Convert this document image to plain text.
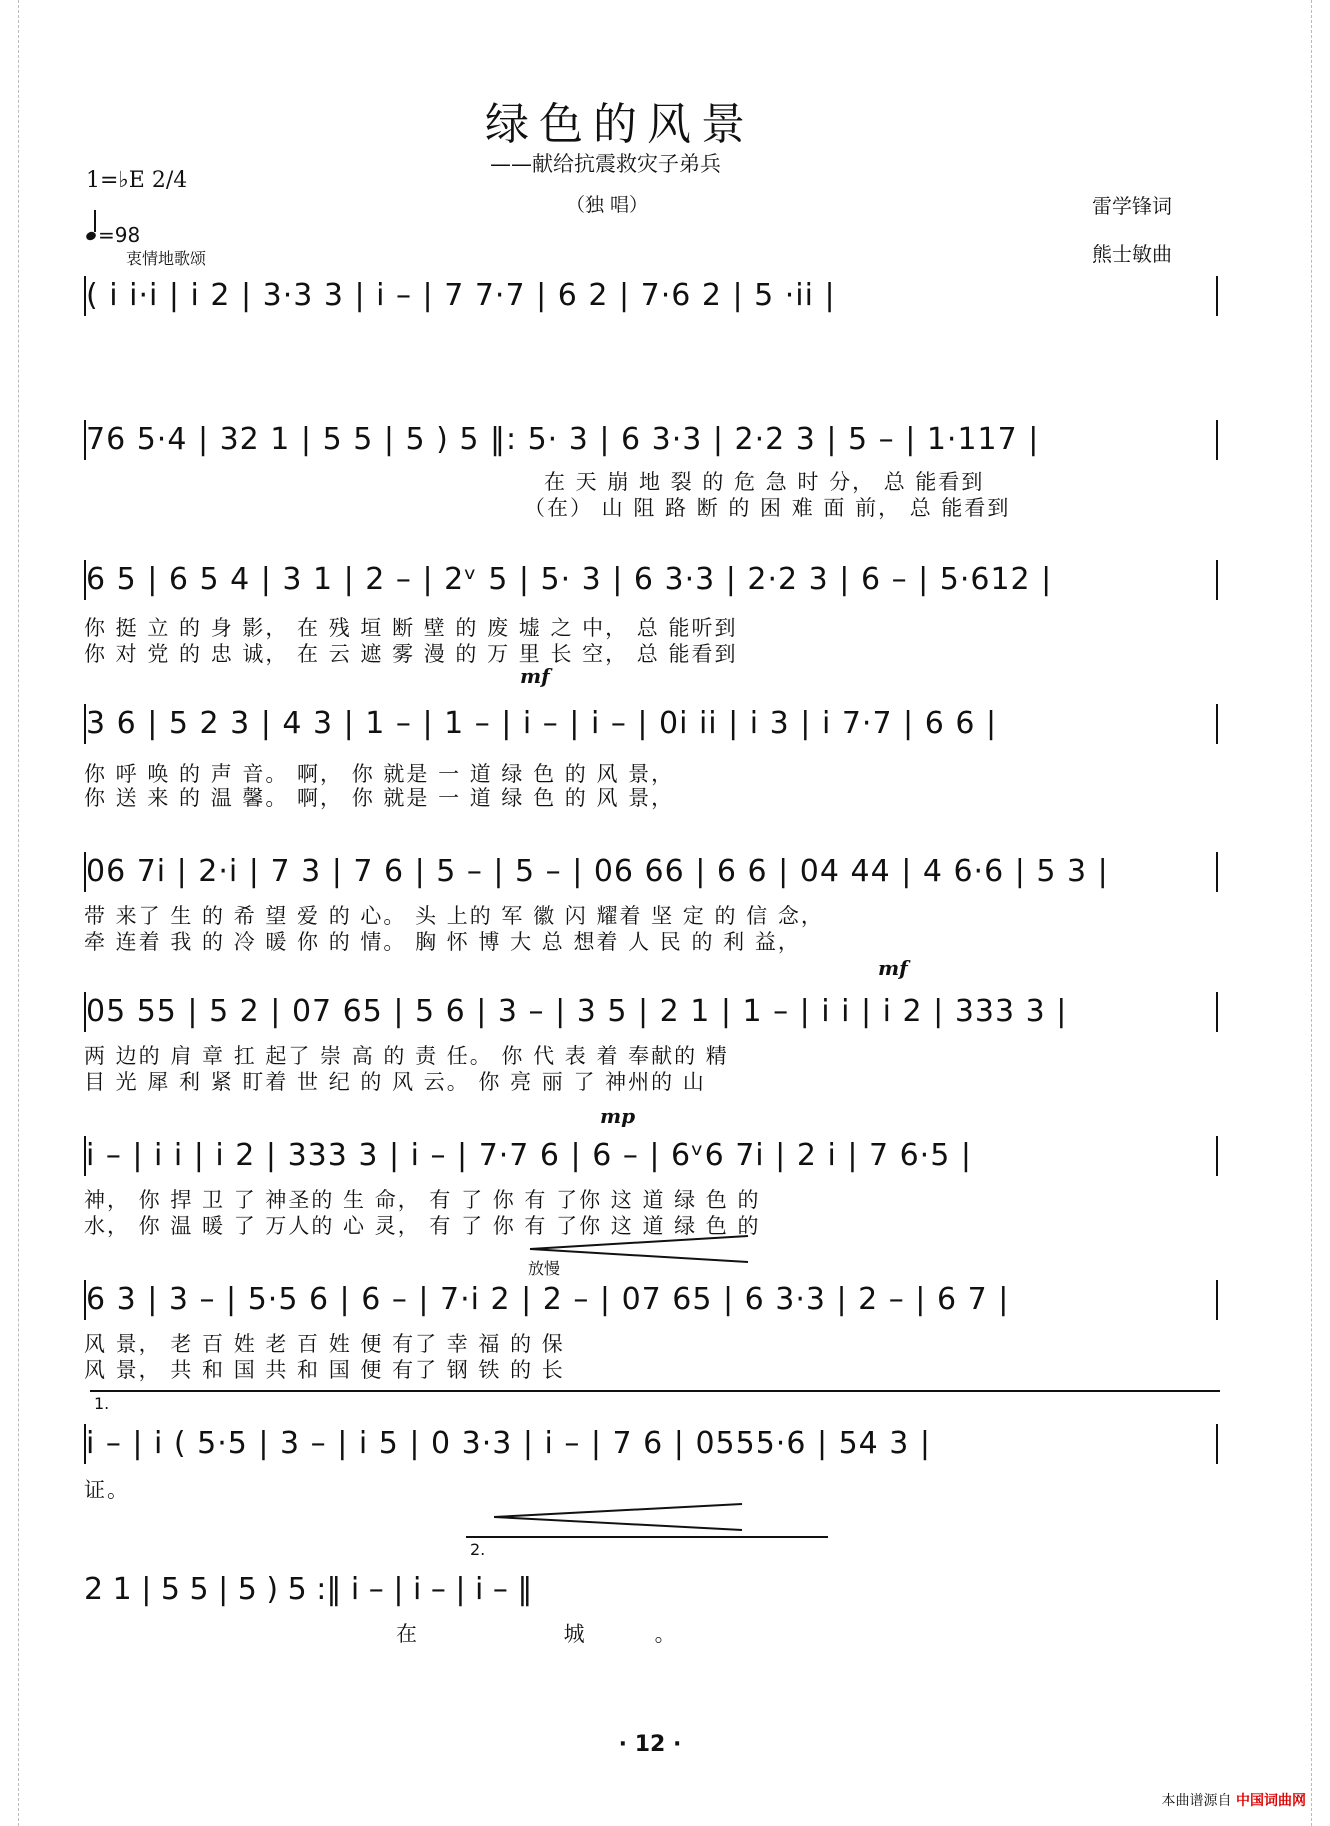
绿色的风景
——献给抗震救灾子弟兵
（独 唱）
1=♭E 2/4
=98
衷情地歌颂
雷学锋词
熊士敏曲
( i i·i | i 2 | 3·3 3 | i – | 7 7·7 | 6 2 | 7·6 2 | 5 ·ii |
76 5·4 | 32 1 | 5 5 | 5 ) 5 ‖: 5· 3 | 6 3·3 | 2·2 3 | 5 – | 1·117 |
在 天 崩 地 裂 的 危 急 时 分， 总 能看到
（在） 山 阻 路 断 的 困 难 面 前， 总 能看到
6 5 | 6 5 4 | 3 1 | 2 – | 2ᵛ 5 | 5· 3 | 6 3·3 | 2·2 3 | 6 – | 5·612 |
你 挺 立 的 身 影， 在 残 垣 断 壁 的 废 墟 之 中， 总 能听到
你 对 党 的 忠 诚， 在 云 遮 雾 漫 的 万 里 长 空， 总 能看到
mf
3 6 | 5 2 3 | 4 3 | 1 – | 1 – | i – | i – | 0i ii | i 3 | i 7·7 | 6 6 |
你 呼 唤 的 声 音。 啊， 你 就是 一 道 绿 色 的 风 景，
你 送 来 的 温 馨。 啊， 你 就是 一 道 绿 色 的 风 景，
06 7i | 2·i | 7 3 | 7 6 | 5 – | 5 – | 06 66 | 6 6 | 04 44 | 4 6·6 | 5 3 |
带 来了 生 的 希 望 爱 的 心。 头 上的 军 徽 闪 耀着 坚 定 的 信 念，
牵 连着 我 的 冷 暖 你 的 情。 胸 怀 博 大 总 想着 人 民 的 利 益，
mf
05 55 | 5 2 | 07 65 | 5 6 | 3 – | 3 5 | 2 1 | 1 – | i i | i 2 | 333 3 |
两 边的 肩 章 扛 起了 崇 高 的 责 任。 你 代 表 着 奉献的 精
目 光 犀 利 紧 盯着 世 纪 的 风 云。 你 亮 丽 了 神州的 山
mp
i – | i i | i 2 | 333 3 | i – | 7·7 6 | 6 – | 6ᵛ6 7i | 2 i | 7 6·5 |
神， 你 捍 卫 了 神圣的 生 命， 有 了 你 有 了你 这 道 绿 色 的
水， 你 温 暖 了 万人的 心 灵， 有 了 你 有 了你 这 道 绿 色 的
放慢
6 3 | 3 – | 5·5 6 | 6 – | 7·i 2 | 2 – | 07 65 | 6 3·3 | 2 – | 6 7 |
风 景， 老 百 姓 老 百 姓 便 有了 幸 福 的 保
风 景， 共 和 国 共 和 国 便 有了 钢 铁 的 长
1.
i – | i ( 5·5 | 3 – | i 5 | 0 3·3 | i – | 7 6 | 0555·6 | 54 3 |
证。
2.
2 1 | 5 5 | 5 ) 5 :‖ i – | i – | i – ‖
在 城。
· 12 ·
本曲谱源自 中国词曲网
